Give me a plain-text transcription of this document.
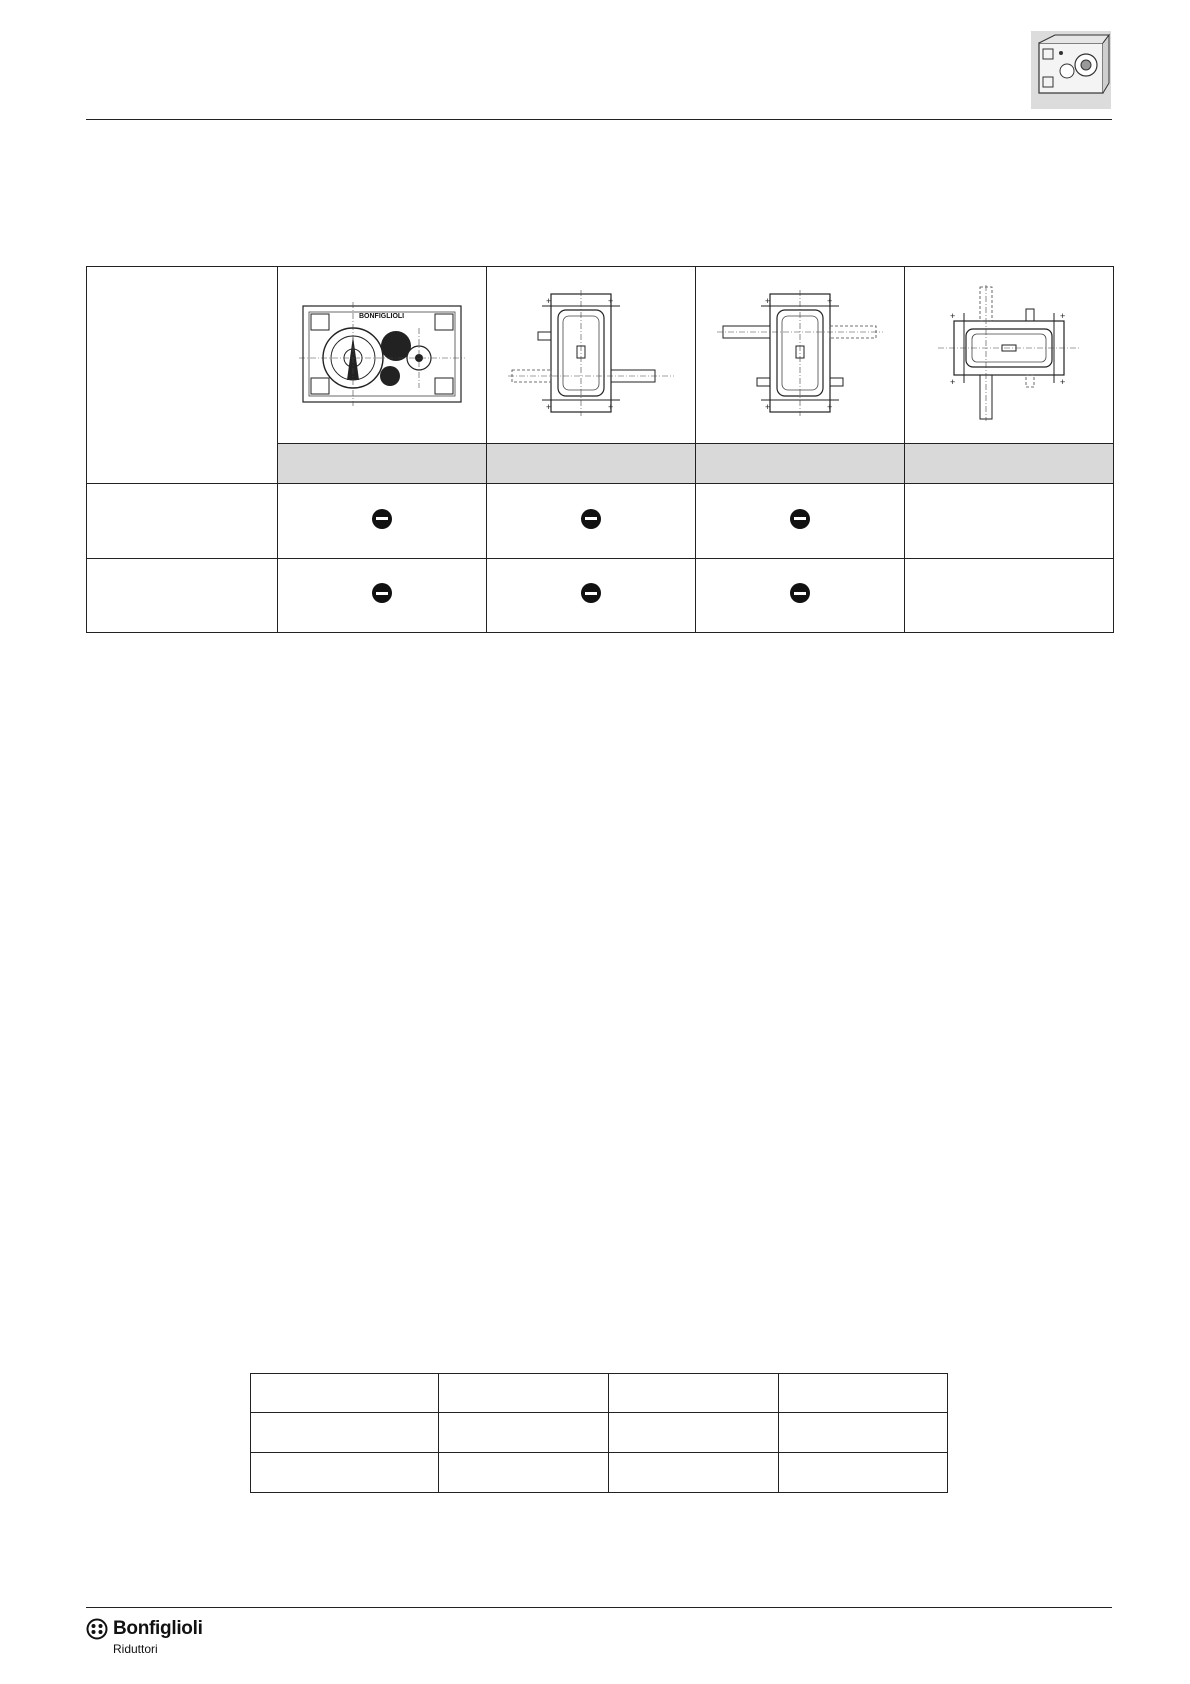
BONFIGLIOLI	+ +
+ +	+ +
+ +	+ +
+ +

Bonfiglioli
Riduttori
